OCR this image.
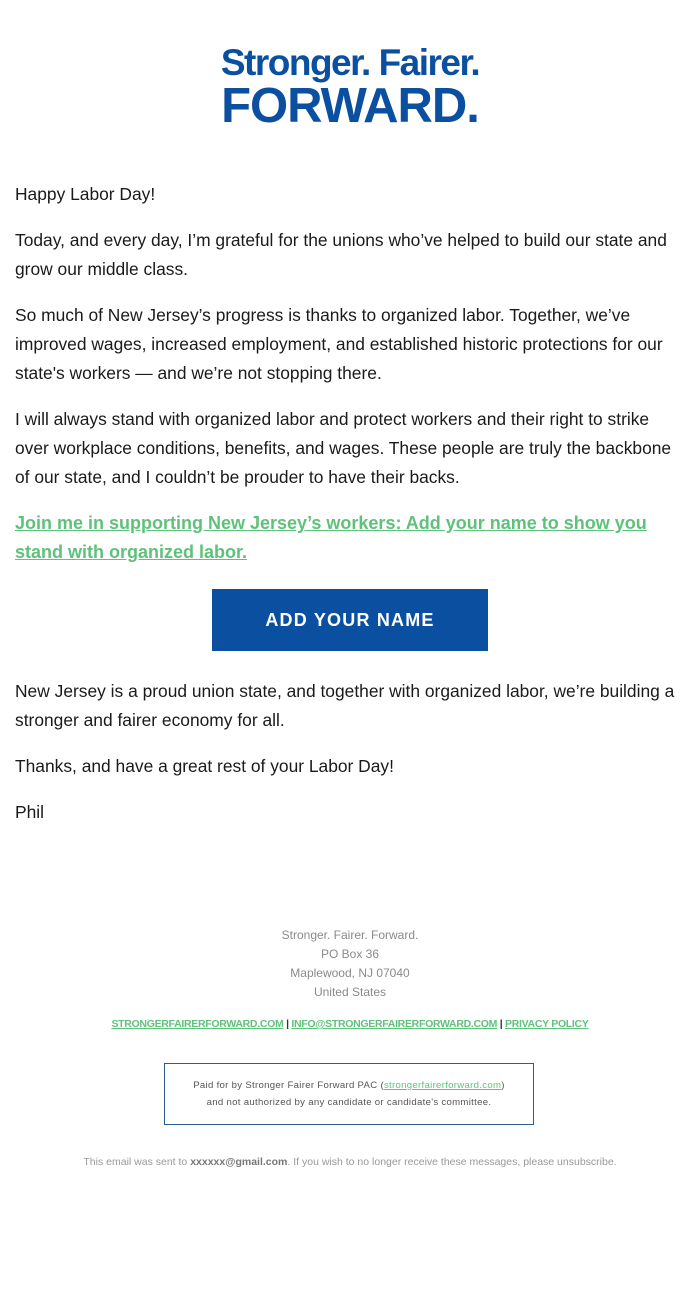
Stronger. Fairer.
FORWARD.

Happy Labor Day!

Today, and every day, I’m grateful for the unions who’ve helped to build our state and grow our middle class.

So much of New Jersey’s progress is thanks to organized labor. Together, we’ve improved wages, increased employment, and established historic protections for our state's workers — and we’re not stopping there.

I will always stand with organized labor and protect workers and their right to strike over workplace conditions, benefits, and wages. These people are truly the backbone of our state, and I couldn’t be prouder to have their backs.

Join me in supporting New Jersey’s workers: Add your name to show you stand with organized labor.

ADD YOUR NAME

New Jersey is a proud union state, and together with organized labor, we’re building a stronger and fairer economy for all.

Thanks, and have a great rest of your Labor Day!

Phil

Stronger. Fairer. Forward.
PO Box 36
Maplewood, NJ 07040
United States
STRONGERFAIRERFORWARD.COM | INFO@STRONGERFAIRERFORWARD.COM | PRIVACY POLICY
Paid for by Stronger Fairer Forward PAC (strongerfairerforward.com)
and not authorized by any candidate or candidate's committee.
This email was sent to xxxxxx@gmail.com. If you wish to no longer receive these messages, please unsubscribe.
